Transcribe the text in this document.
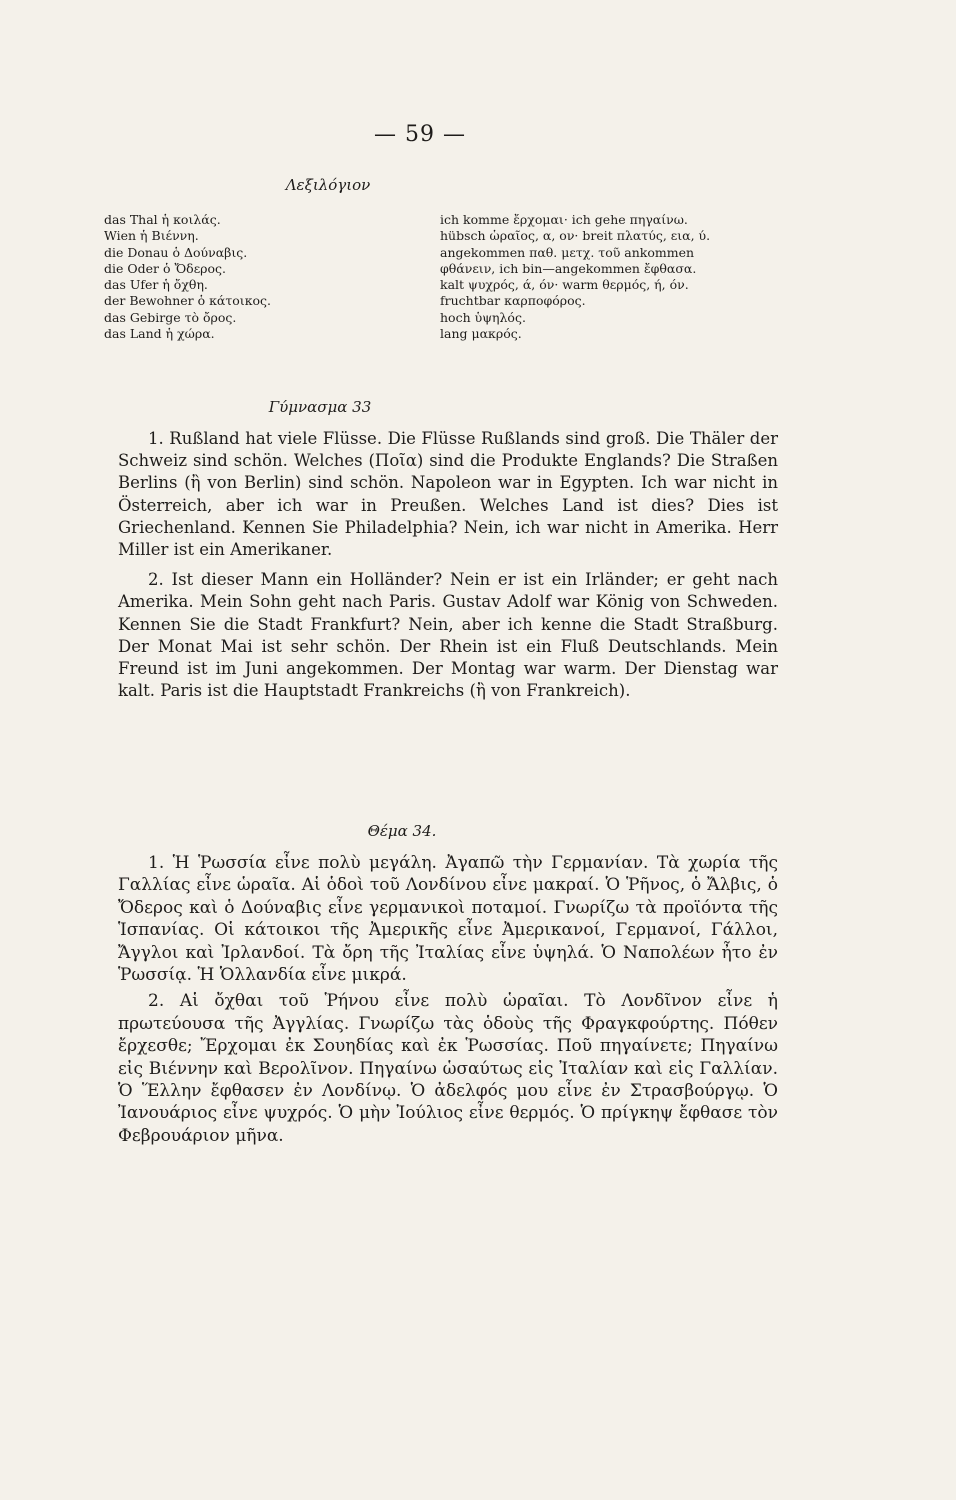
— 59 —
Λεξιλόγιον
das Thal ἡ κοιλάς.
Wien ἡ Βιέννη.
die Donau ὁ Δούναβις.
die Oder ὁ Ὄδερος.
das Ufer ἡ ὄχθη.
der Bewohner ὁ κάτοικος.
das Gebirge τὸ ὄρος.
das Land ἡ χώρα.
ich komme ἔρχομαι· ich gehe πηγαίνω.
hübsch ὡραῖος, α, ον· breit πλατύς, εια, ύ.
angekommen παθ. μετχ. τοῦ ankommen
φθάνειν, ich bin—angekommen ἔφθασα.
kalt ψυχρός, ά, όν· warm θερμός, ή, όν.
fruchtbar καρποφόρος.
hoch ὑψηλός.
lang μακρός.
Γύμνασμα 33

1. Rußland hat viele Flüsse. Die Flüsse Rußlands sind groß. Die Thäler der Schweiz sind schön. Welches (Ποῖα) sind die Produkte Englands? Die Straßen Berlins (ἢ von Berlin) sind schön. Napoleon war in Egypten. Ich war nicht in Österreich, aber ich war in Preußen. Welches Land ist dies? Dies ist Griechenland. Kennen Sie Philadelphia? Nein, ich war nicht in Amerika. Herr Miller ist ein Amerikaner.

2. Ist dieser Mann ein Holländer? Nein er ist ein Irländer; er geht nach Amerika. Mein Sohn geht nach Paris. Gustav Adolf war König von Schweden. Kennen Sie die Stadt Frankfurt? Nein, aber ich kenne die Stadt Straßburg. Der Monat Mai ist sehr schön. Der Rhein ist ein Fluß Deutschlands. Mein Freund ist im Juni angekommen. Der Montag war warm. Der Dienstag war kalt. Paris ist die Hauptstadt Frankreichs (ἢ von Frankreich).

Θέμα 34.

1. Ἡ Ῥωσσία εἶνε πολὺ μεγάλη. Ἀγαπῶ τὴν Γερμανίαν. Τὰ χωρία τῆς Γαλλίας εἶνε ὡραῖα. Αἱ ὁδοὶ τοῦ Λονδίνου εἶνε μακραί. Ὁ Ῥῆνος, ὁ Ἄλβις, ὁ Ὄδερος καὶ ὁ Δούναβις εἶνε γερμανικοὶ ποταμοί. Γνωρίζω τὰ προϊόντα τῆς Ἱσπανίας. Οἱ κάτοικοι τῆς Ἀμερικῆς εἶνε Ἀμερικανοί, Γερμανοί, Γάλλοι, Ἄγγλοι καὶ Ἰρλανδοί. Τὰ ὄρη τῆς Ἰταλίας εἶνε ὑψηλά. Ὁ Ναπολέων ἦτο ἐν Ῥωσσίᾳ. Ἡ Ὁλλανδία εἶνε μικρά.

2. Αἱ ὄχθαι τοῦ Ῥήνου εἶνε πολὺ ὡραῖαι. Τὸ Λονδῖνον εἶνε ἡ πρωτεύουσα τῆς Ἀγγλίας. Γνωρίζω τὰς ὁδοὺς τῆς Φραγκφούρτης. Πόθεν ἔρχεσθε; Ἔρχομαι ἐκ Σουηδίας καὶ ἐκ Ῥωσσίας. Ποῦ πηγαίνετε; Πηγαίνω εἰς Βιέννην καὶ Βερολῖνον. Πηγαίνω ὡσαύτως εἰς Ἰταλίαν καὶ εἰς Γαλλίαν. Ὁ Ἕλλην ἔφθασεν ἐν Λονδίνῳ. Ὁ ἀδελφός μου εἶνε ἐν Στρασβούργῳ. Ὁ Ἰανουάριος εἶνε ψυχρός. Ὁ μὴν Ἰούλιος εἶνε θερμός. Ὁ πρίγκηψ ἔφθασε τὸν Φεβρουάριον μῆνα.
